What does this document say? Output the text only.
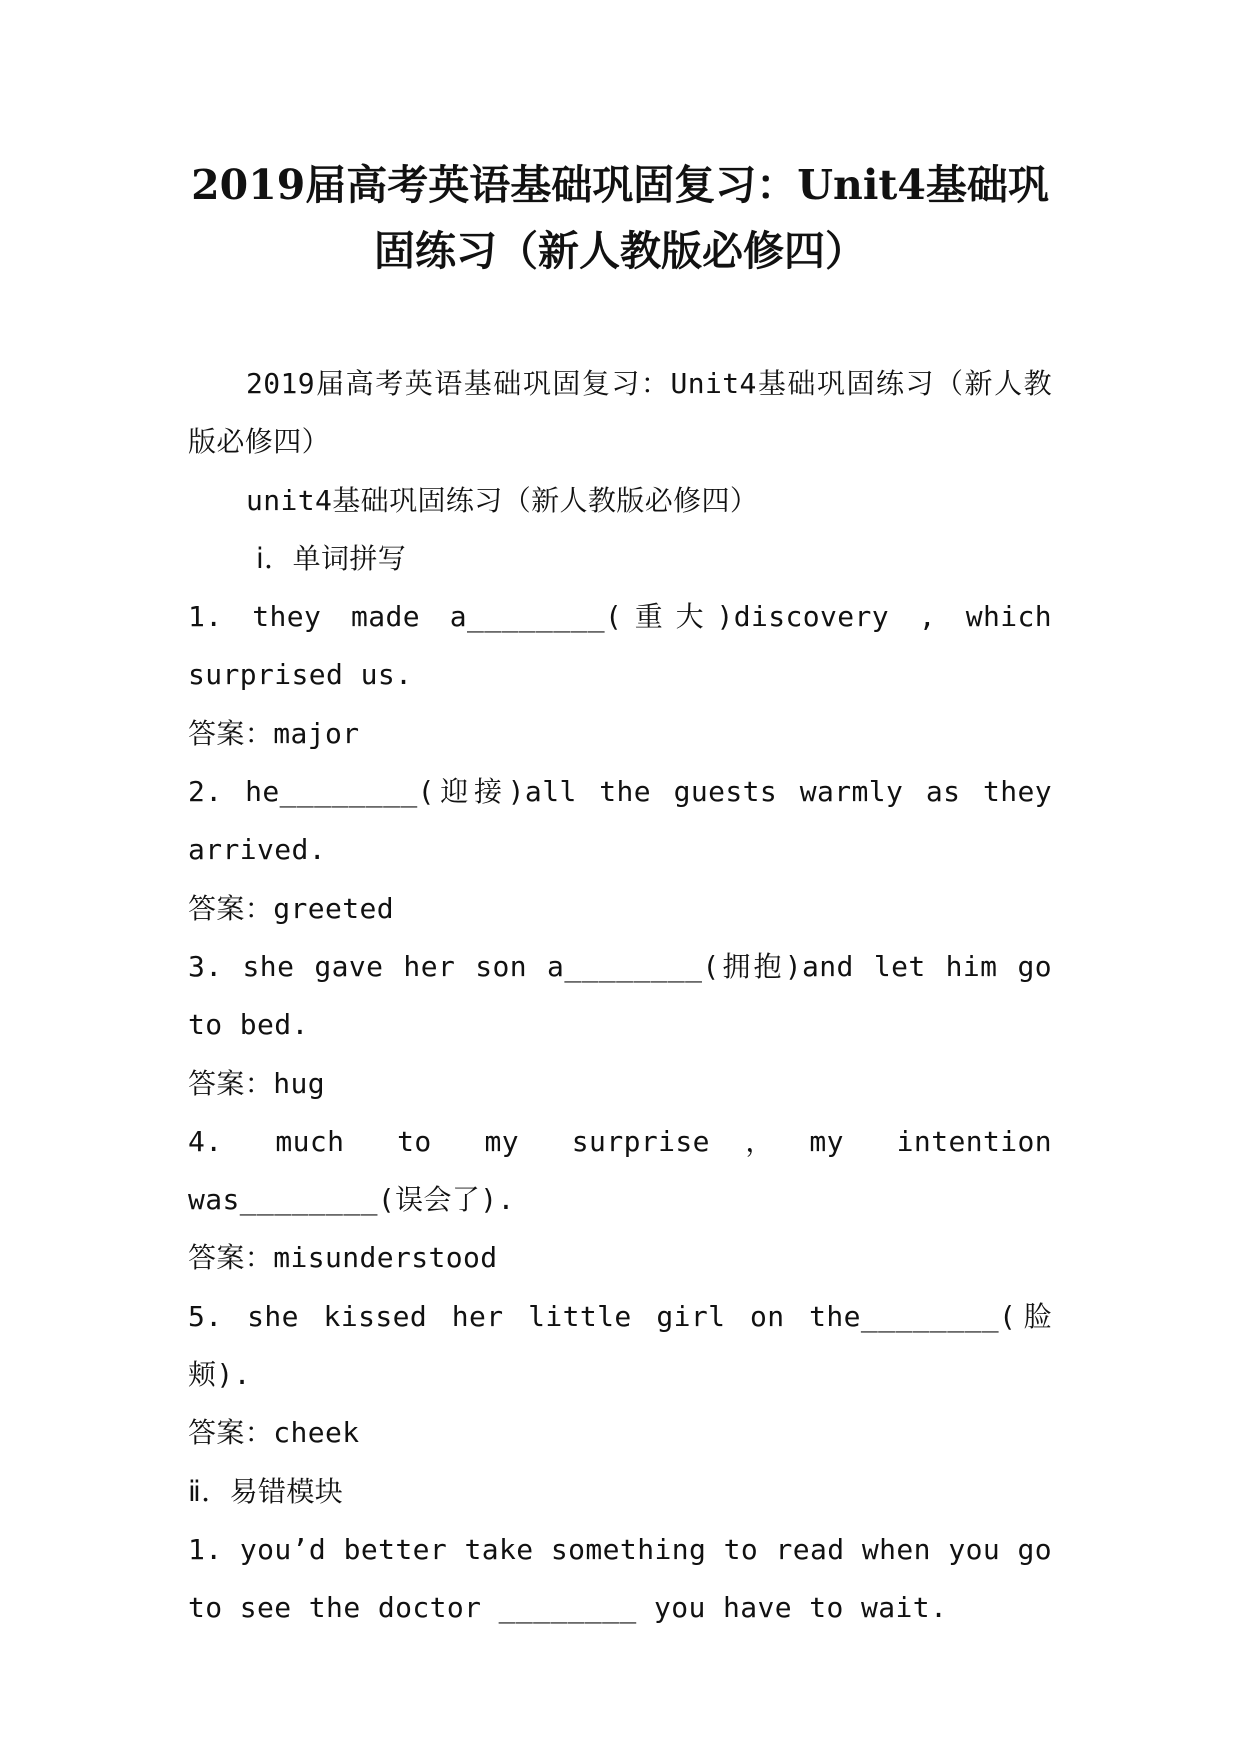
2019届高考英语基础巩固复习：Unit4基础巩固练习（新人教版必修四）

2019届高考英语基础巩固复习：Unit4基础巩固练习（新人教版必修四）

unit4基础巩固练习（新人教版必修四）

ⅰ．单词拼写

1. they made a________(重大)discovery , which surprised us.

答案：major

2. he________(迎接)all the guests warmly as they arrived.

答案：greeted

3. she gave her son a________(拥抱)and let him go to bed.

答案：hug

4. much to my surprise，my intention was________(误会了).

答案：misunderstood

5. she kissed her little girl on the________(脸颊).

答案：cheek

ⅱ．易错模块

1. you’d better take something to read when you go to see the doctor ________ you have to wait.
